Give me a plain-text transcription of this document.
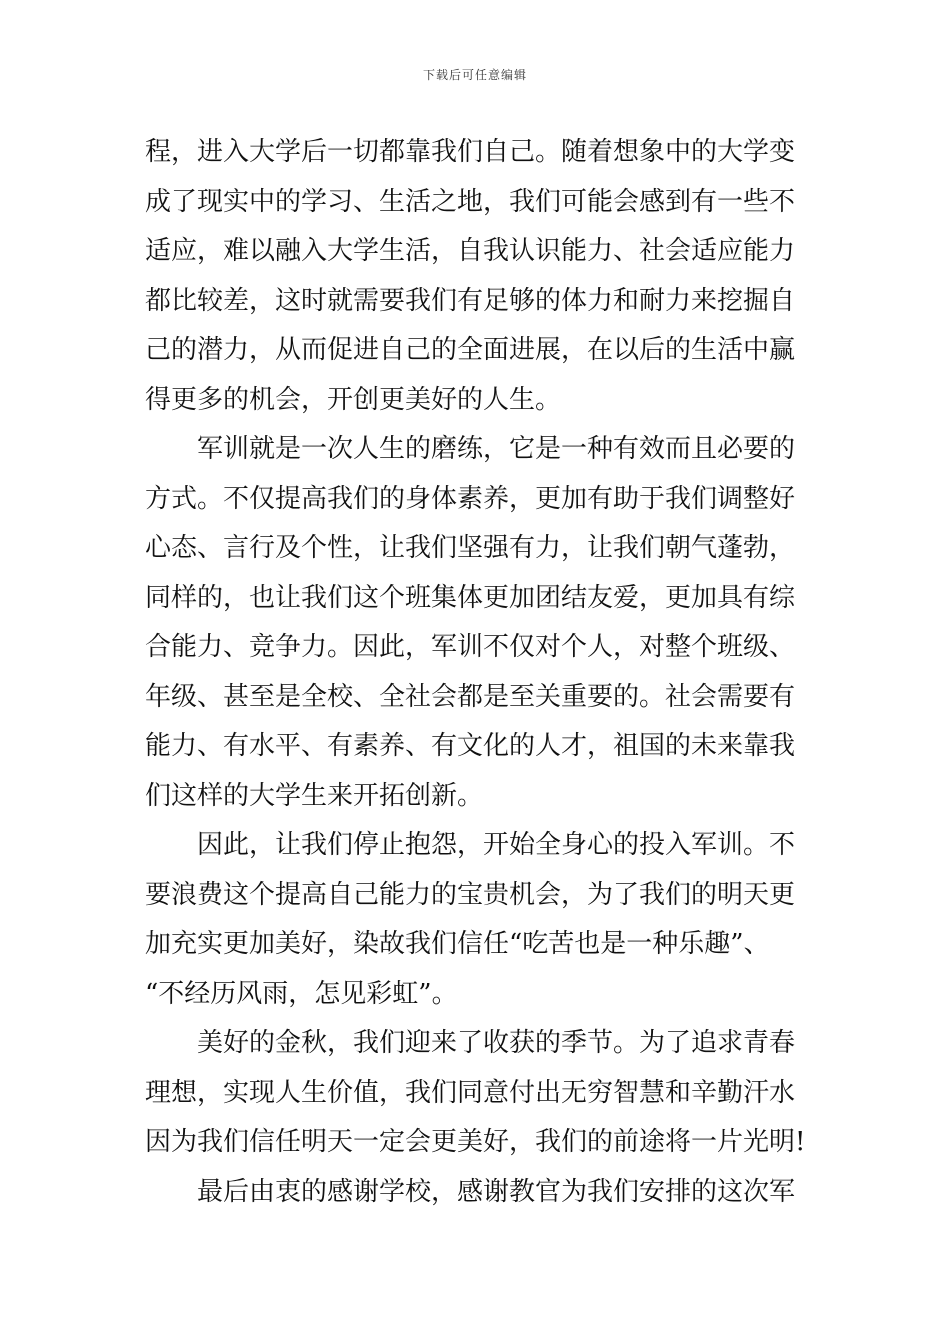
下载后可任意编辑
程，进入大学后一切都靠我们自己。随着想象中的大学变
成了现实中的学习、生活之地，我们可能会感到有一些不
适应，难以融入大学生活，自我认识能力、社会适应能力
都比较差，这时就需要我们有足够的体力和耐力来挖掘自
己的潜力，从而促进自己的全面进展，在以后的生活中赢
得更多的机会，开创更美好的人生。
军训就是一次人生的磨练，它是一种有效而且必要的
方式。不仅提高我们的身体素养，更加有助于我们调整好
心态、言行及个性，让我们坚强有力，让我们朝气蓬勃，
同样的，也让我们这个班集体更加团结友爱，更加具有综
合能力、竞争力。因此，军训不仅对个人，对整个班级、
年级、甚至是全校、全社会都是至关重要的。社会需要有
能力、有水平、有素养、有文化的人才，祖国的未来靠我
们这样的大学生来开拓创新。
因此，让我们停止抱怨，开始全身心的投入军训。不
要浪费这个提高自己能力的宝贵机会，为了我们的明天更
加充实更加美好，染故我们信任“吃苦也是一种乐趣”、
“不经历风雨，怎见彩虹”。
美好的金秋，我们迎来了收获的季节。为了追求青春
理想，实现人生价值，我们同意付出无穷智慧和辛勤汗水
因为我们信任明天一定会更美好，我们的前途将一片光明!
最后由衷的感谢学校，感谢教官为我们安排的这次军
